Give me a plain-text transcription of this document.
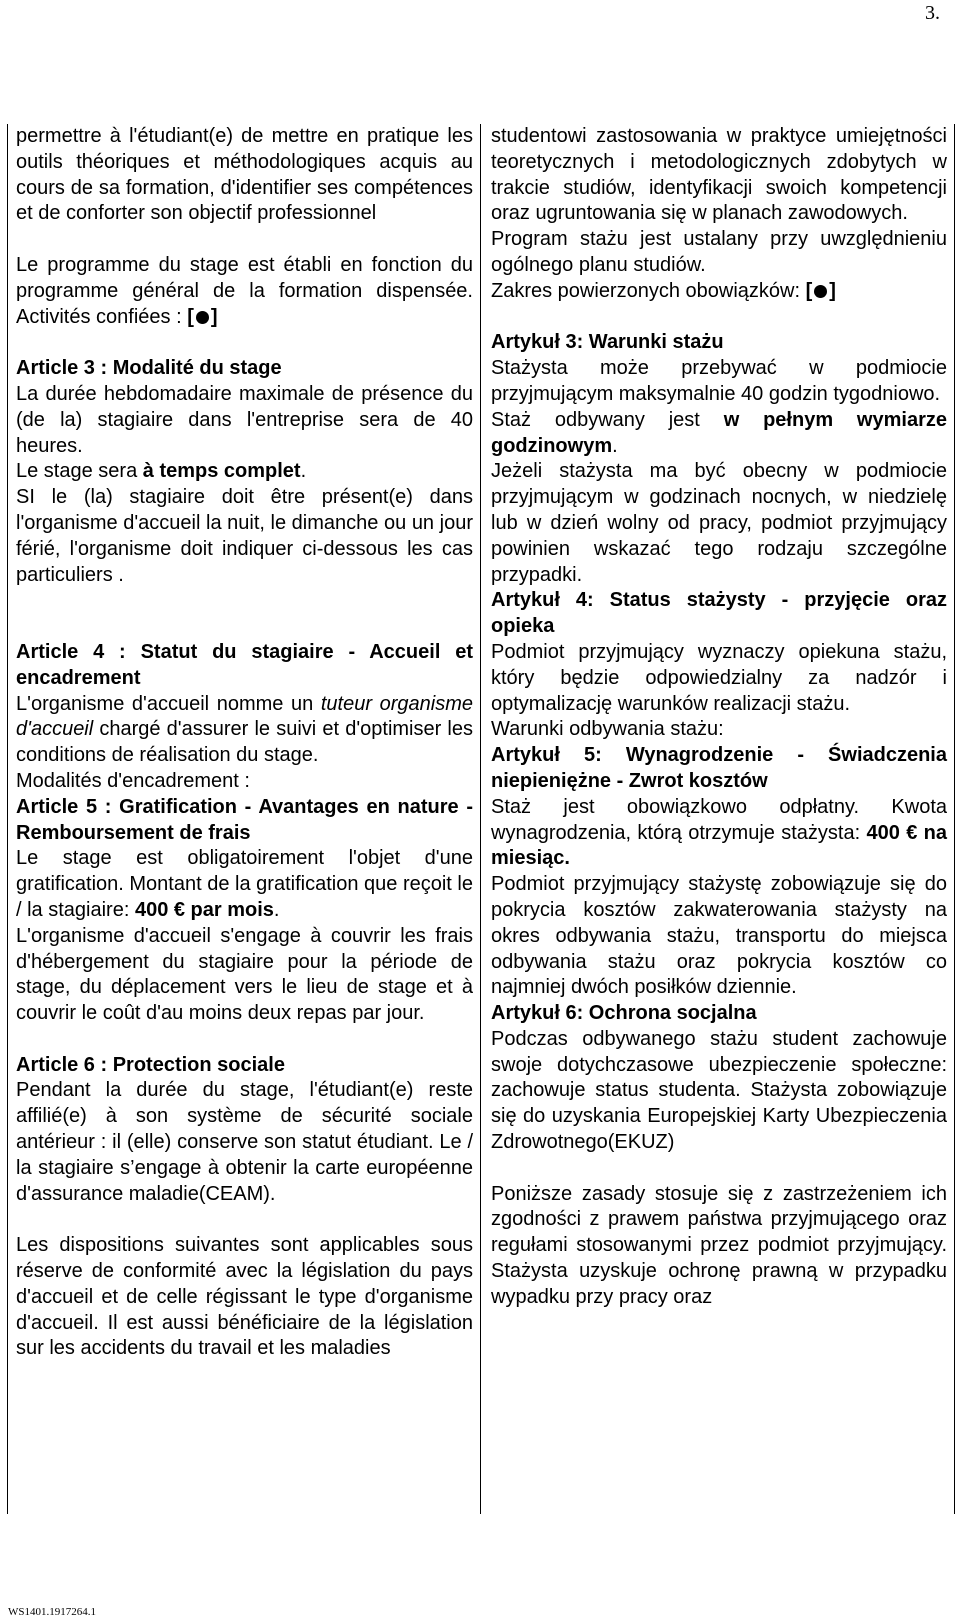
3.

permettre à l'étudiant(e) de mettre en pratique les outils théoriques et méthodologiques acquis au cours de sa formation, d'identifier ses compétences et de conforter son objectif professionnel

Le programme du stage est établi en fonction du programme général de la formation dispensée. Activités confiées : [ ]

Article 3 : Modalité du stage

La durée hebdomadaire maximale de présence du (de la) stagiaire dans l'entreprise sera de 40 heures.

Le stage sera à temps complet.

SI le (la) stagiaire doit être présent(e) dans l'organisme d'accueil la nuit, le dimanche ou un jour férié, l'organisme doit indiquer ci-dessous les cas particuliers .

Article 4 : Statut du stagiaire - Accueil et encadrement

L'organisme d'accueil nomme un tuteur organisme d'accueil chargé d'assurer le suivi et d'optimiser les conditions de réalisation du stage.

Modalités d'encadrement :

Article 5 : Gratification - Avantages en nature - Remboursement de frais

Le stage est obligatoirement l'objet d'une gratification. Montant de la gratification que reçoit le / la stagiaire: 400 € par mois.

L'organisme d'accueil s'engage à couvrir les frais d'hébergement du stagiaire pour la période de stage, du déplacement vers le lieu de stage et à couvrir le coût d'au moins deux repas par jour.

Article 6 : Protection sociale

Pendant la durée du stage, l'étudiant(e) reste affilié(e) à son système de sécurité sociale antérieur : il (elle) conserve son statut étudiant. Le / la stagiaire s’engage à obtenir la carte européenne d'assurance maladie(CEAM).

Les dispositions suivantes sont applicables sous réserve de conformité avec la législation du pays d'accueil et de celle régissant le type d'organisme d'accueil. Il est aussi bénéficiaire de la législation sur les accidents du travail et les maladies

studentowi zastosowania w praktyce umiejętności teoretycznych i metodologicznych zdobytych w trakcie studiów, identyfikacji swoich kompetencji oraz ugruntowania się w planach zawodowych.

Program stażu jest ustalany przy uwzględnieniu ogólnego planu studiów.

Zakres powierzonych obowiązków: [ ]

Artykuł 3: Warunki stażu

Stażysta może przebywać w podmiocie przyjmującym maksymalnie 40 godzin tygodniowo.

Staż odbywany jest w pełnym wymiarze godzinowym.

Jeżeli stażysta ma być obecny w podmiocie przyjmującym w godzinach nocnych, w niedzielę lub w dzień wolny od pracy, podmiot przyjmujący powinien wskazać tego rodzaju szczególne przypadki.

Artykuł 4: Status stażysty - przyjęcie oraz opieka

Podmiot przyjmujący wyznaczy opiekuna stażu, który będzie odpowiedzialny za nadzór i optymalizację warunków realizacji stażu.

Warunki odbywania stażu:

Artykuł 5: Wynagrodzenie - Świadczenia niepieniężne - Zwrot kosztów

Staż jest obowiązkowo odpłatny. Kwota wynagrodzenia, którą otrzymuje stażysta: 400 € na miesiąc.

Podmiot przyjmujący stażystę zobowiązuje się do pokrycia kosztów zakwaterowania stażysty na okres odbywania stażu, transportu do miejsca odbywania stażu oraz pokrycia kosztów co najmniej dwóch posiłków dziennie.

Artykuł 6: Ochrona socjalna

Podczas odbywanego stażu student zachowuje swoje dotychczasowe ubezpieczenie społeczne: zachowuje status studenta. Stażysta zobowiązuje się do uzyskania Europejskiej Karty Ubezpieczenia Zdrowotnego(EKUZ)

Poniższe zasady stosuje się z zastrzeżeniem ich zgodności z prawem państwa przyjmującego oraz regułami stosowanymi przez podmiot przyjmujący. Stażysta uzyskuje ochronę prawną w przypadku wypadku przy pracy oraz

WS1401.1917264.1
